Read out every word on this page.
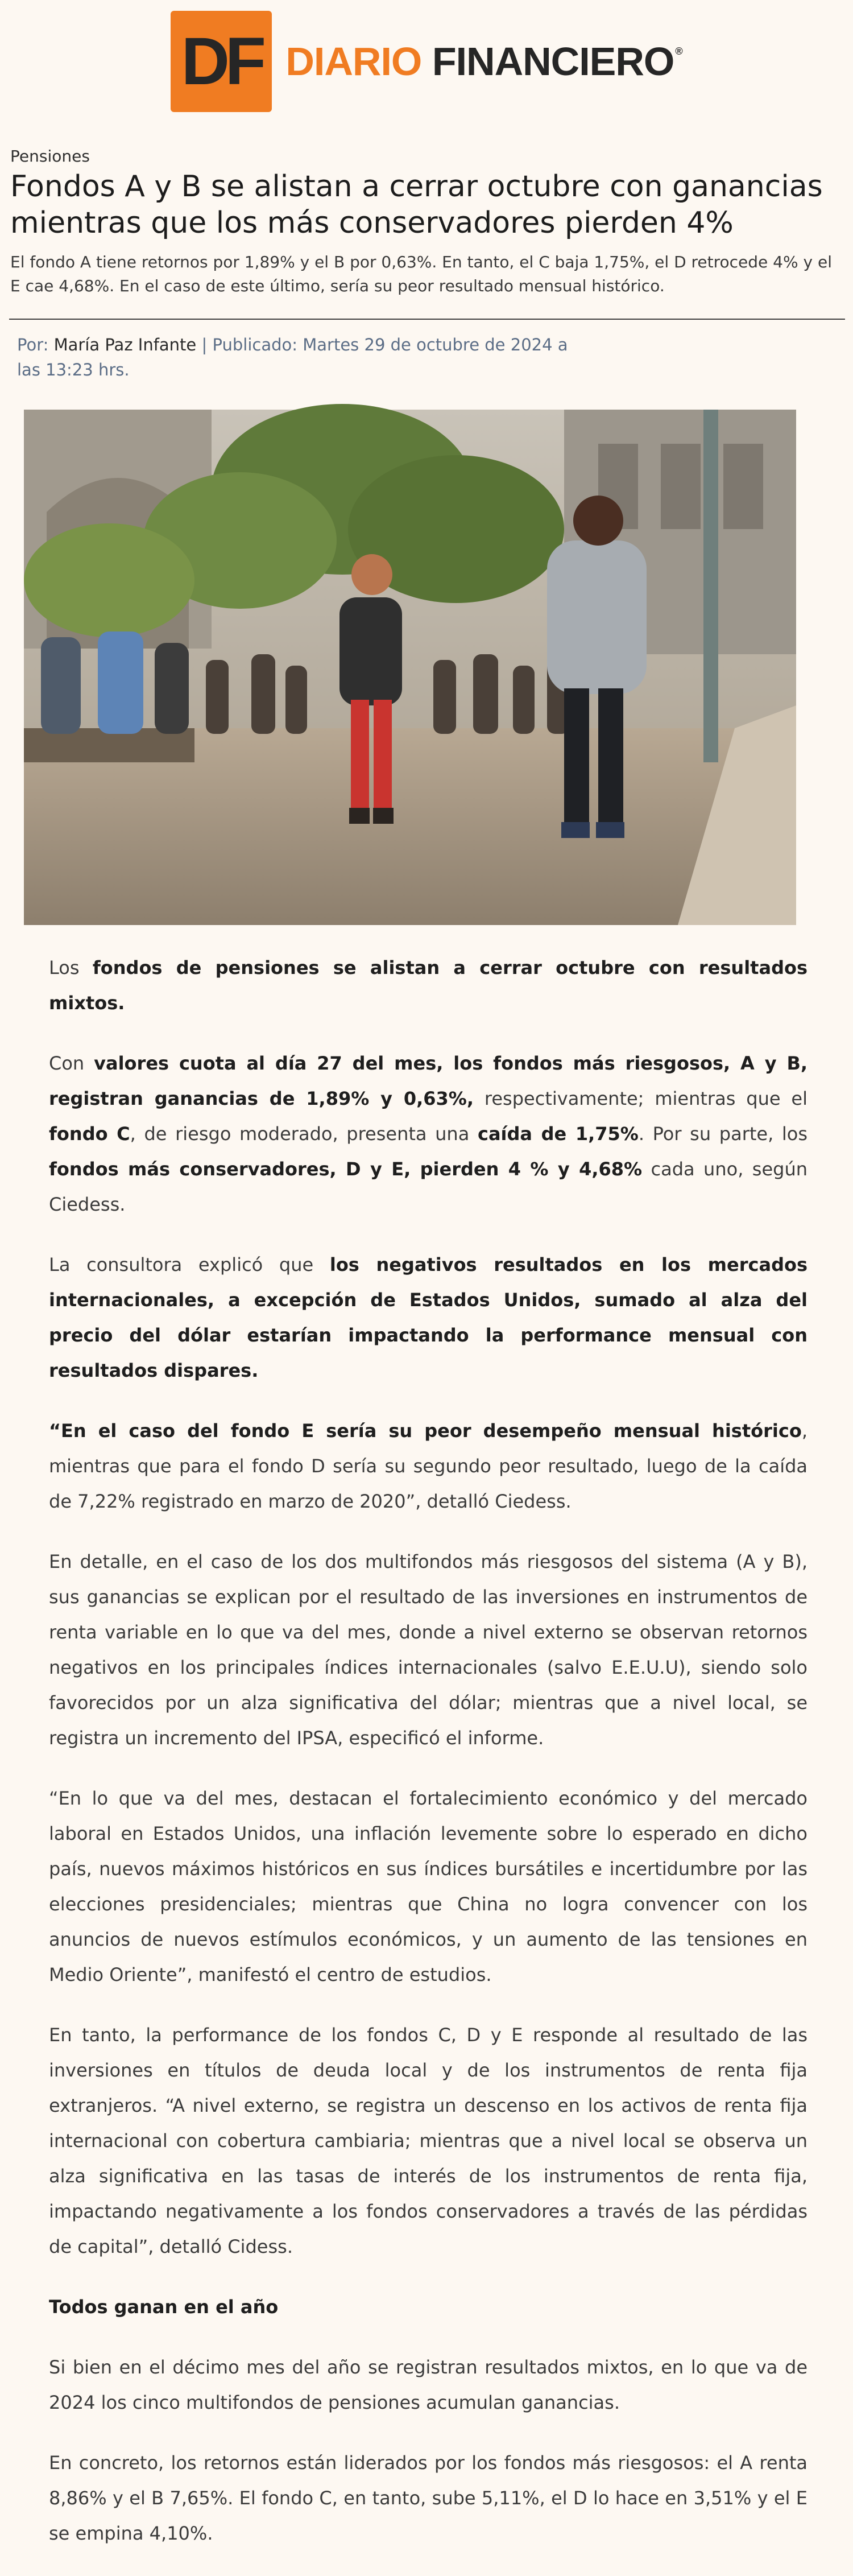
DF DIARIO FINANCIERO ®
Pensiones
Fondos A y B se alistan a cerrar octubre con ganancias mientras que los más conservadores pierden 4%

El fondo A tiene retornos por 1,89% y el B por 0,63%. En tanto, el C baja 1,75%, el D retrocede 4% y el E cae 4,68%. En el caso de este último, sería su peor resultado mensual histórico.

Por: María Paz Infante | Publicado: Martes 29 de octubre de 2024 a las 13:23 hrs.

Los fondos de pensiones se alistan a cerrar octubre con resultados mixtos.

Con valores cuota al día 27 del mes, los fondos más riesgosos, A y B, registran ganancias de 1,89% y 0,63%, respectivamente; mientras que el fondo C, de riesgo moderado, presenta una caída de 1,75%. Por su parte, los fondos más conservadores, D y E, pierden 4 % y 4,68% cada uno, según Ciedess.

La consultora explicó que los negativos resultados en los mercados internacionales, a excepción de Estados Unidos, sumado al alza del precio del dólar estarían impactando la performance mensual con resultados dispares.

“En el caso del fondo E sería su peor desempeño mensual histórico, mientras que para el fondo D sería su segundo peor resultado, luego de la caída de 7,22% registrado en marzo de 2020”, detalló Ciedess.

En detalle, en el caso de los dos multifondos más riesgosos del sistema (A y B), sus ganancias se explican por el resultado de las inversiones en instrumentos de renta variable en lo que va del mes, donde a nivel externo se observan retornos negativos en los principales índices internacionales (salvo E.E.U.U), siendo solo favorecidos por un alza significativa del dólar; mientras que a nivel local, se registra un incremento del IPSA, especificó el informe.

“En lo que va del mes, destacan el fortalecimiento económico y del mercado laboral en Estados Unidos, una inflación levemente sobre lo esperado en dicho país, nuevos máximos históricos en sus índices bursátiles e incertidumbre por las elecciones presidenciales; mientras que China no logra convencer con los anuncios de nuevos estímulos económicos, y un aumento de las tensiones en Medio Oriente”, manifestó el centro de estudios.

En tanto, la performance de los fondos C, D y E responde al resultado de las inversiones en títulos de deuda local y de los instrumentos de renta fija extranjeros. “A nivel externo, se registra un descenso en los activos de renta fija internacional con cobertura cambiaria; mientras que a nivel local se observa un alza significativa en las tasas de interés de los instrumentos de renta fija, impactando negativamente a los fondos conservadores a través de las pérdidas de capital”, detalló Cidess.

Todos ganan en el año

Si bien en el décimo mes del año se registran resultados mixtos, en lo que va de 2024 los cinco multifondos de pensiones acumulan ganancias.

En concreto, los retornos están liderados por los fondos más riesgosos: el A renta 8,86% y el B 7,65%. El fondo C, en tanto, sube 5,11%, el D lo hace en 3,51% y el E se empina 4,10%.
